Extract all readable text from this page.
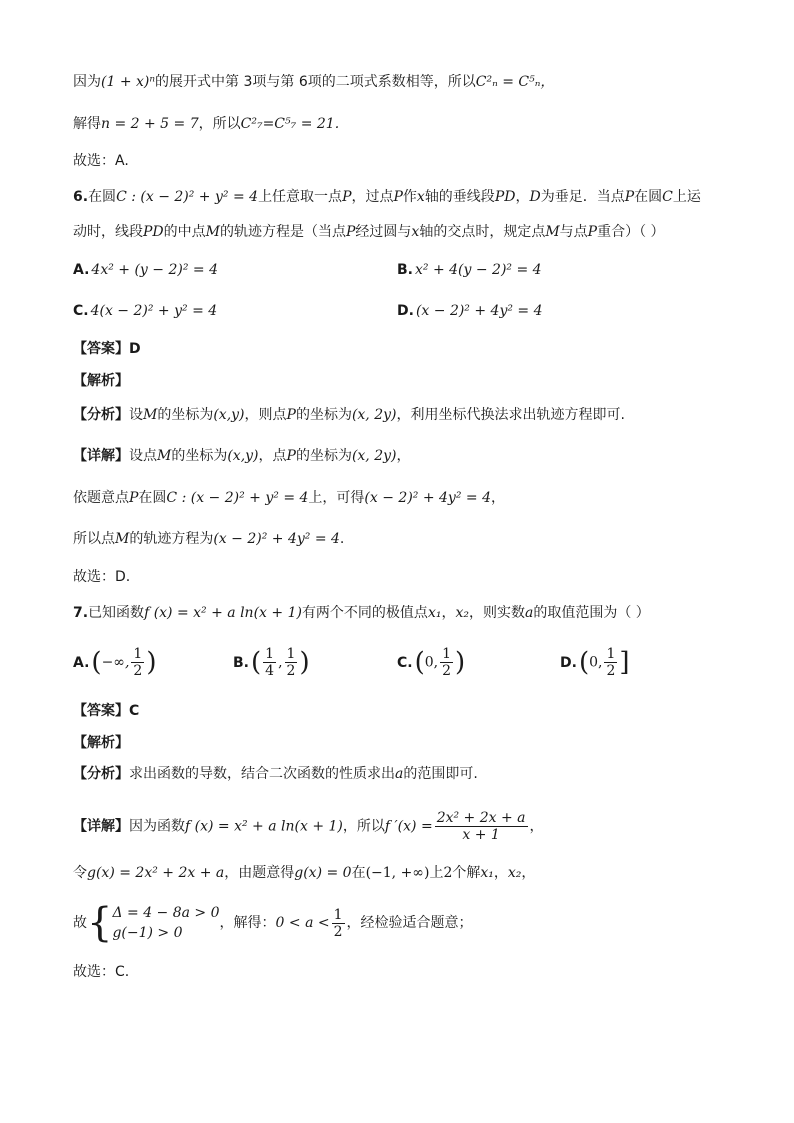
因为(1 + x)ⁿ的展开式中第 3项与第 6项的二项式系数相等，所以C²ₙ = C⁵ₙ，
解得n = 2 + 5 = 7，所以C²₇=C⁵₇ = 21.
故选：A.
6.在圆C : (x − 2)² + y² = 4上任意取一点P，过点P作x轴的垂线段PD，D为垂足．当点P在圆C上运
动时，线段PD的中点M的轨迹方程是（当点P经过圆与x轴的交点时，规定点M与点P重合）（ ）
A. 4x² + (y − 2)² = 4	B. x² + 4(y − 2)² = 4
C. 4(x − 2)² + y² = 4	D. (x − 2)² + 4y² = 4
【答案】D
【解析】
【分析】设M的坐标为(x,y)，则点P的坐标为(x, 2y)，利用坐标代换法求出轨迹方程即可.
【详解】设点M的坐标为(x,y)，点P的坐标为(x, 2y)，
依题意点P在圆C : (x − 2)² + y² = 4上，可得(x − 2)² + 4y² = 4，
所以点M的轨迹方程为(x − 2)² + 4y² = 4.
故选：D.
7.已知函数f (x) = x² + a ln(x + 1)有两个不同的极值点x₁，x₂，则实数a的取值范围为（ ）
A.(−∞, $\frac{1}{2}$ )	$B.( \frac{1}{4}$ , $\frac{1}{2}$ )	C.(0, $\frac{1}{2}$ )	D.(0, $\frac{1}{2}$ ]
【答案】C
【解析】
【分析】求出函数的导数，结合二次函数的性质求出a的范围即可.
【详解】因为函数f (x) = x² + a ln(x + 1)，所以f $'(x) = \frac{\text{2x² + 2x + a}}{x + 1}$ ，
令g(x) = 2x² + 2x + a，由题意得g(x) = 0在(−1, +∞)上2个解x₁，x₂，
故{ Δ = 4 − 8a > 0
g(−1) > 0
，解得：$0 < a < \frac{1}{2}$ ，经检验适合题意；
故选：C.
